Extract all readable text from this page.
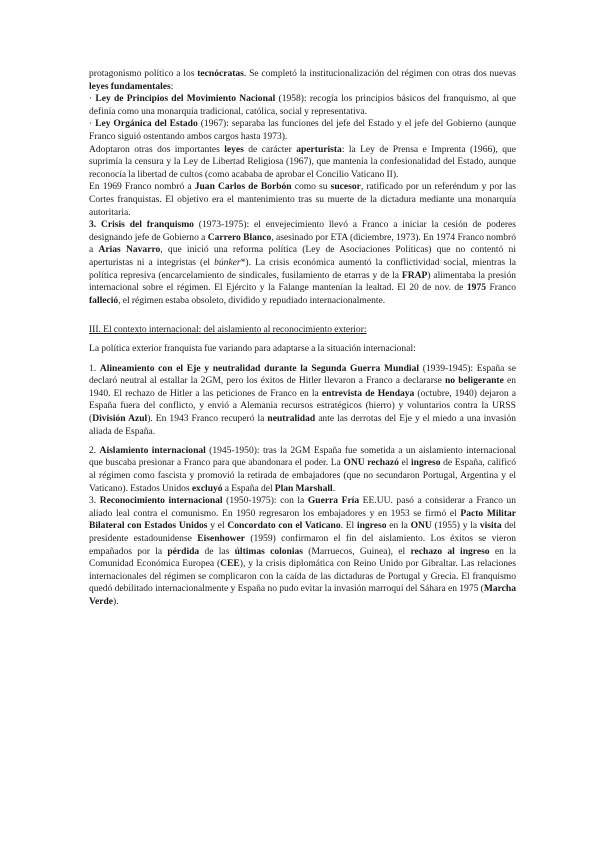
protagonismo político a los tecnócratas. Se completó la institucionalización del régimen con otras dos nuevas leyes fundamentales:

· Ley de Principios del Movimiento Nacional (1958): recogía los principios básicos del franquismo, al que definía como una monarquía tradicional, católica, social y representativa.

· Ley Orgánica del Estado (1967): separaba las funciones del jefe del Estado y el jefe del Gobierno (aunque Franco siguió ostentando ambos cargos hasta 1973).

Adoptaron otras dos importantes leyes de carácter aperturista: la Ley de Prensa e Imprenta (1966), que suprimía la censura y la Ley de Libertad Religiosa (1967), que mantenía la confesionalidad del Estado, aunque reconocía la libertad de cultos (como acababa de aprobar el Concilio Vaticano II).

En 1969 Franco nombró a Juan Carlos de Borbón como su sucesor, ratificado por un referéndum y por las Cortes franquistas. El objetivo era el mantenimiento tras su muerte de la dictadura mediante una monarquía autoritaria.

3. Crisis del franquismo (1973-1975): el envejecimiento llevó a Franco a iniciar la cesión de poderes designando jefe de Gobierno a Carrero Blanco, asesinado por ETA (diciembre, 1973). En 1974 Franco nombró a Arias Navarro, que inició una reforma política (Ley de Asociaciones Políticas) que no contentó ni aperturistas ni a integristas (el búnker*). La crisis económica aumentó la conflictividad social, mientras la política represiva (encarcelamiento de sindicales, fusilamiento de etarras y de la FRAP) alimentaba la presión internacional sobre el régimen. El Ejército y la Falange mantenían la lealtad. El 20 de nov. de 1975 Franco falleció, el régimen estaba obsoleto, dividido y repudiado internacionalmente.

III. El contexto internacional: del aislamiento al reconocimiento exterior:

La política exterior franquista fue variando para adaptarse a la situación internacional:

1. Alineamiento con el Eje y neutralidad durante la Segunda Guerra Mundial (1939-1945): España se declaró neutral al estallar la 2GM, pero los éxitos de Hitler llevaron a Franco a declararse no beligerante en 1940. El rechazo de Hitler a las peticiones de Franco en la entrevista de Hendaya (octubre, 1940) dejaron a España fuera del conflicto, y envió a Alemania recursos estratégicos (hierro) y voluntarios contra la URSS (División Azul). En 1943 Franco recuperó la neutralidad ante las derrotas del Eje y el miedo a una invasión aliada de España.

2. Aislamiento internacional (1945-1950): tras la 2GM España fue sometida a un aislamiento internacional que buscaba presionar a Franco para que abandonara el poder. La ONU rechazó el ingreso de España, calificó al régimen como fascista y promovió la retirada de embajadores (que no secundaron Portugal, Argentina y el Vaticano). Estados Unidos excluyó a España del Plan Marshall.

3. Reconocimiento internacional (1950-1975): con la Guerra Fría EE.UU. pasó a considerar a Franco un aliado leal contra el comunismo. En 1950 regresaron los embajadores y en 1953 se firmó el Pacto Militar Bilateral con Estados Unidos y el Concordato con el Vaticano. El ingreso en la ONU (1955) y la visita del presidente estadounidense Eisenhower (1959) confirmaron el fin del aislamiento. Los éxitos se vieron empañados por la pérdida de las últimas colonias (Marruecos, Guinea), el rechazo al ingreso en la Comunidad Económica Europea (CEE), y la crisis diplomática con Reino Unido por Gibraltar. Las relaciones internacionales del régimen se complicaron con la caída de las dictaduras de Portugal y Grecia. El franquismo quedó debilitado internacionalmente y España no pudo evitar la invasión marroquí del Sáhara en 1975 (Marcha Verde).
